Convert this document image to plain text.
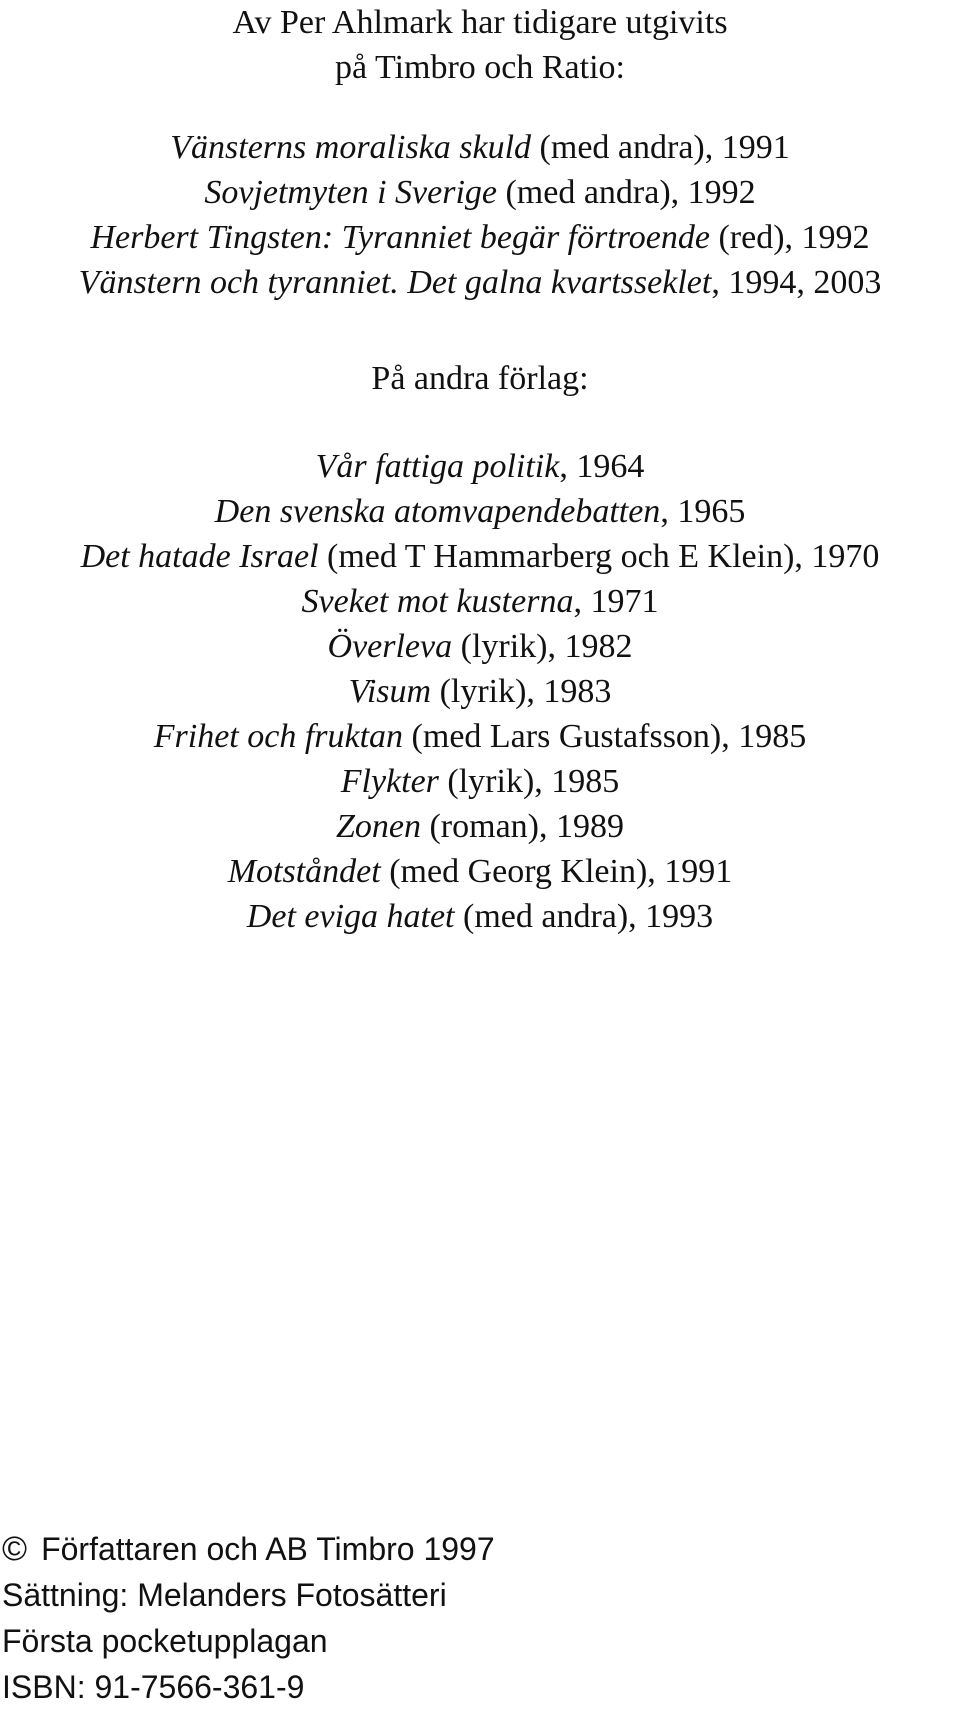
Av Per Ahlmark har tidigare utgivits
på Timbro och Ratio:
Vänsterns moraliska skuld (med andra), 1991
Sovjetmyten i Sverige (med andra), 1992
Herbert Tingsten: Tyranniet begär förtroende (red), 1992
Vänstern och tyranniet. Det galna kvartsseklet, 1994, 2003
På andra förlag:
Vår fattiga politik, 1964
Den svenska atomvapendebatten, 1965
Det hatade Israel (med T Hammarberg och E Klein), 1970
Sveket mot kusterna, 1971
Överleva (lyrik), 1982
Visum (lyrik), 1983
Frihet och fruktan (med Lars Gustafsson), 1985
Flykter (lyrik), 1985
Zonen (roman), 1989
Motståndet (med Georg Klein), 1991
Det eviga hatet (med andra), 1993
© Författaren och AB Timbro 1997
Sättning: Melanders Fotosätteri
Första pocketupplagan
ISBN: 91-7566-361-9
